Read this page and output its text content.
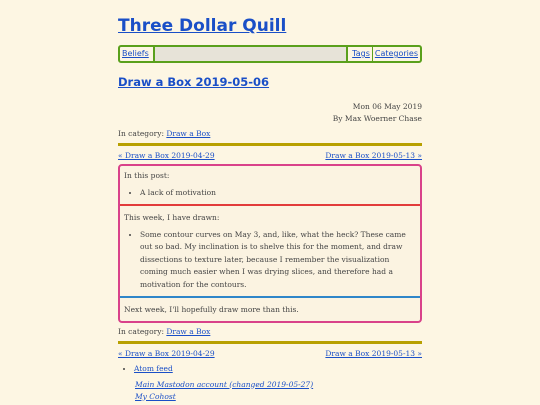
Three Dollar Quill
Beliefs	Tags Categories
Draw a Box 2019-05-06
Mon 06 May 2019
By Max Woerner Chase
In category: Draw a Box
« Draw a Box 2019-04-29	Draw a Box 2019-05-13 »

In this post:

• A lack of motivation

This week, I have drawn:

• Some contour curves on May 3, and, like, what the heck? These came out so bad. My inclination is to shelve this for the moment, and draw dissections to texture later, because I remember the visualization coming much easier when I was drying slices, and therefore had a motivation for the contours.

Next week, I'll hopefully draw more than this.

In category: Draw a Box
« Draw a Box 2019-04-29	Draw a Box 2019-05-13 »
• Atom feed
Main Mastodon account (changed 2019-05-27)
My Cohost
